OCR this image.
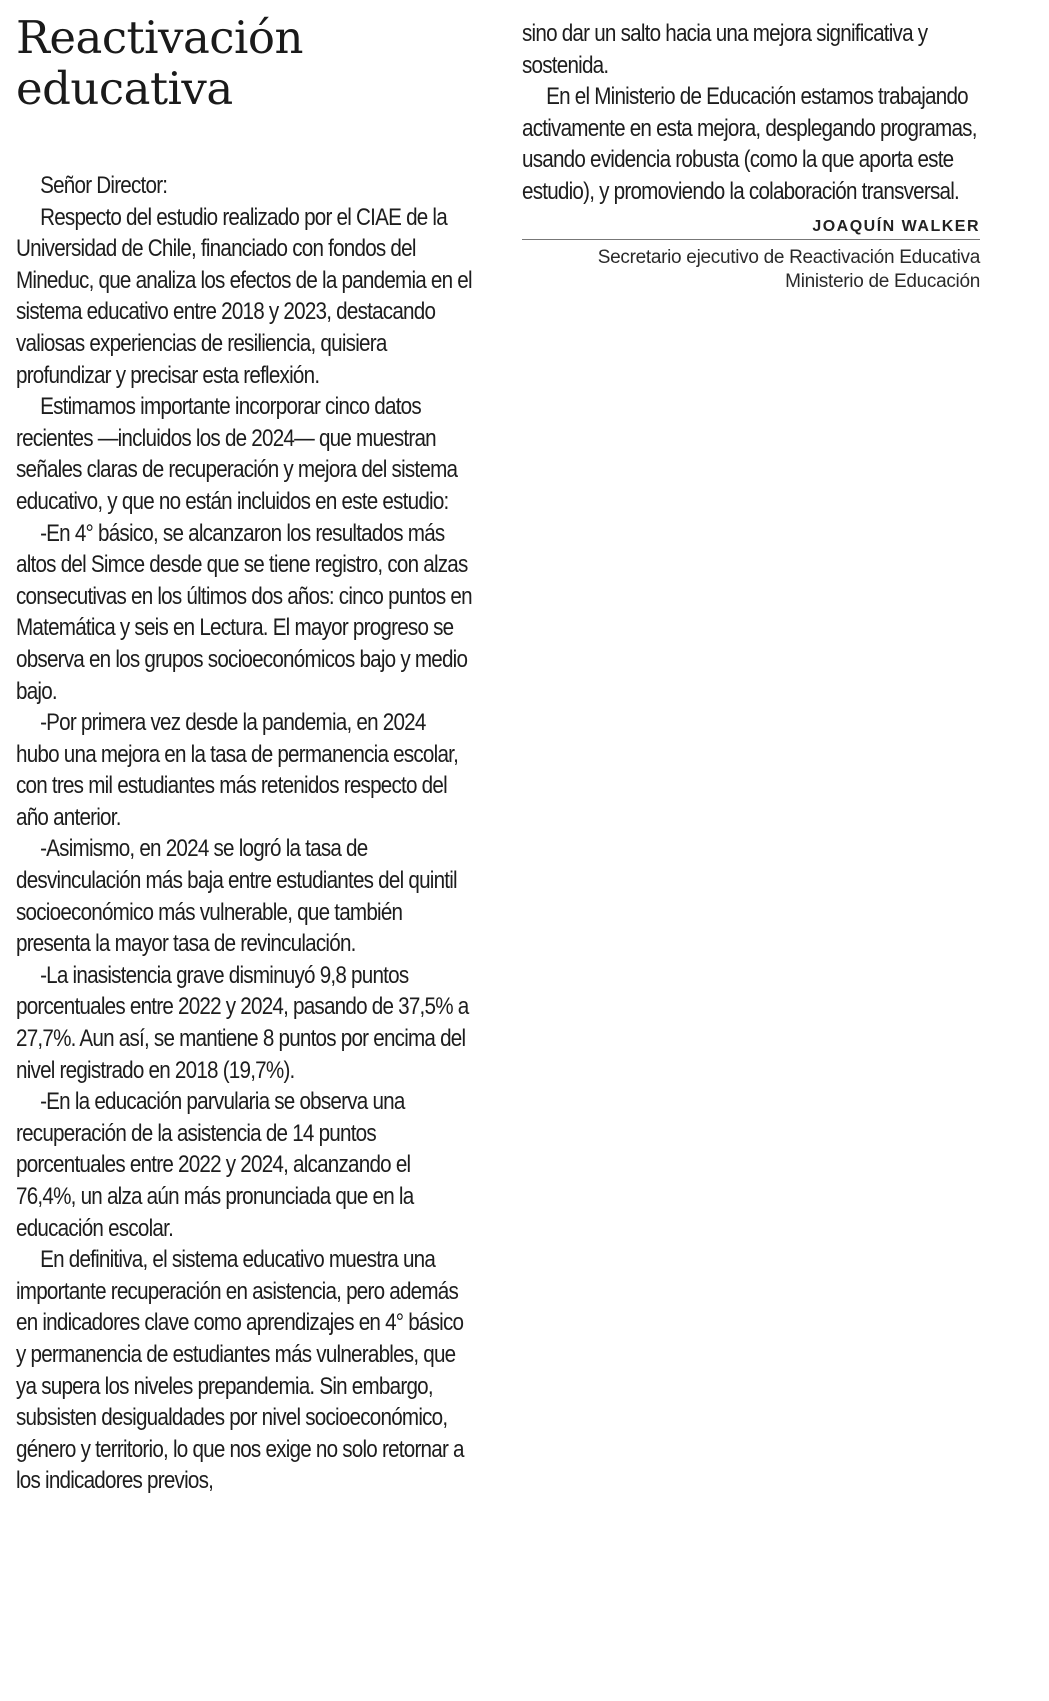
Reactivación
educativa

Señor Director:

Respecto del estudio realizado por el CIAE de la Universidad de Chile, financiado con fondos del Mineduc, que analiza los efectos de la pandemia en el sistema educativo entre 2018 y 2023, destacando valiosas experiencias de resiliencia, quisiera profundizar y precisar esta reflexión.

Estimamos importante incorporar cinco datos recientes —incluidos los de 2024— que muestran señales claras de recuperación y mejora del sistema educativo, y que no están incluidos en este estudio:

-En 4° básico, se alcanzaron los resultados más altos del Simce desde que se tiene registro, con alzas consecutivas en los últimos dos años: cinco puntos en Matemática y seis en Lectura. El mayor progreso se observa en los grupos socioeconómicos bajo y medio bajo.

-Por primera vez desde la pandemia, en 2024 hubo una mejora en la tasa de permanencia escolar, con tres mil estudiantes más retenidos respecto del año anterior.

-Asimismo, en 2024 se logró la tasa de desvinculación más baja entre estudiantes del quintil socioeconómico más vulnerable, que también presenta la mayor tasa de revinculación.

-La inasistencia grave disminuyó 9,8 puntos porcentuales entre 2022 y 2024, pasando de 37,5% a 27,7%. Aun así, se mantiene 8 puntos por encima del nivel registrado en 2018 (19,7%).

-En la educación parvularia se observa una recuperación de la asistencia de 14 puntos porcentuales entre 2022 y 2024, alcanzando el 76,4%, un alza aún más pronunciada que en la educación escolar.

En definitiva, el sistema educativo muestra una importante recuperación en asistencia, pero además en indicadores clave como aprendizajes en 4° básico y permanencia de estudiantes más vulnerables, que ya supera los niveles prepandemia. Sin embargo, subsisten desigualdades por nivel socioeconómico, género y territorio, lo que nos exige no solo retornar a los indicadores previos,

sino dar un salto hacia una mejora significativa y sostenida.

En el Ministerio de Educación estamos trabajando activamente en esta mejora, desplegando programas, usando evidencia robusta (como la que aporta este estudio), y promoviendo la colaboración transversal.

JOAQUÍN WALKER
Secretario ejecutivo de Reactivación Educativa
Ministerio de Educación
